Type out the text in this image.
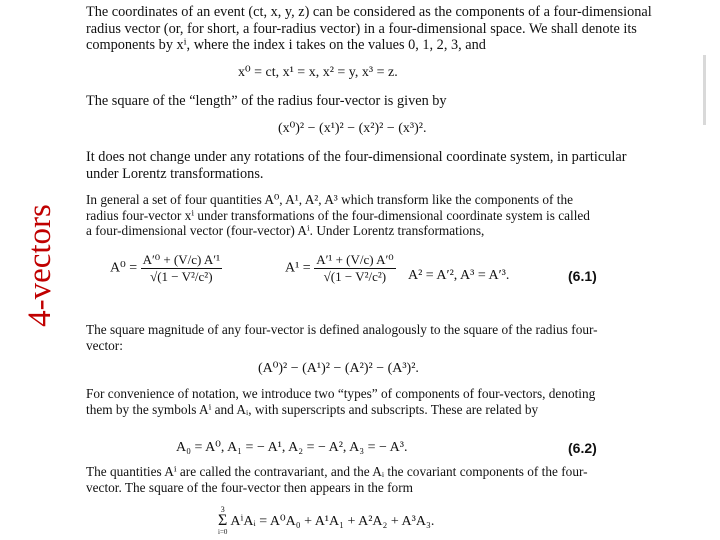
4-vectors
The coordinates of an event (ct, x, y, z) can be considered as the components of a four-dimensional radius vector (or, for short, a four-radius vector) in a four-dimensional space. We shall denote its components by xⁱ, where the index i takes on the values 0, 1, 2, 3, and
x⁰ = ct, x¹ = x, x² = y, x³ = z.
The square of the “length” of the radius four-vector is given by
(x⁰)² − (x¹)² − (x²)² − (x³)².
It does not change under any rotations of the four-dimensional coordinate system, in particular under Lorentz transformations.
In general a set of four quantities A⁰, A¹, A², A³ which transform like the components of the radius four-vector xⁱ under transformations of the four-dimensional coordinate system is called a four-dimensional vector (four-vector) Aⁱ. Under Lorentz transformations,
$A^0 = \frac{\text{A′⁰ + (V/c) A′¹}}{\text{√(1 − V²/c²)}}$	$A^1 = \frac{\text{A′¹ + (V/c) A′⁰}}{\text{√(1 − V²/c²)}} A^2 = A'^2$, A³ = A′³.	(6.1)
The square magnitude of any four-vector is defined analogously to the square of the radius four-vector:
(A⁰)² − (A¹)² − (A²)² − (A³)².
For convenience of notation, we introduce two “types” of components of four-vectors, denoting them by the symbols Aⁱ and Aᵢ, with superscripts and subscripts. These are related by
A₀ = A⁰, A₁ = − A¹, A₂ = − A², A₃ = − A³.	(6.2)
The quantities Aⁱ are called the contravariant, and the Aᵢ the covariant components of the four-vector. The square of the four-vector then appears in the form
3
Σ
i=0
AⁱAᵢ = A⁰A₀ + A¹A₁ + A²A₂ + A³A₃.
